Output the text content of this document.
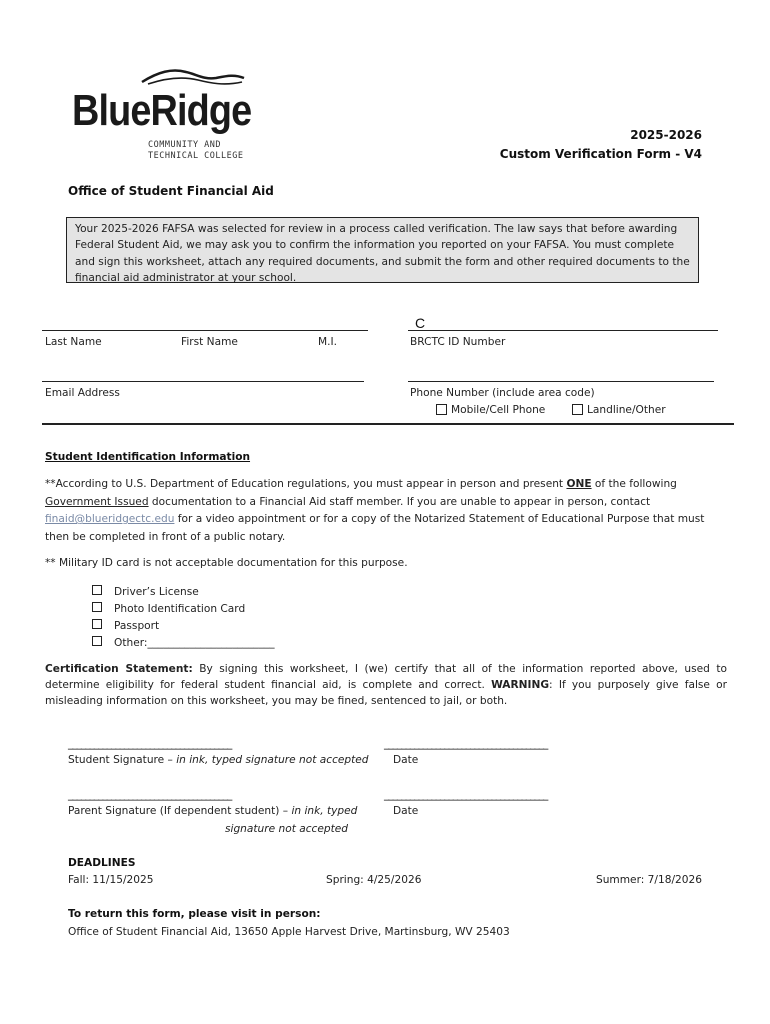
BlueRidge
COMMUNITY AND
TECHNICAL COLLEGE
2025-2026
Custom Verification Form - V4
Office of Student Financial Aid
Your 2025-2026 FAFSA was selected for review in a process called verification. The law says that before awarding Federal Student Aid, we may ask you to confirm the information you reported on your FAFSA. You must complete and sign this worksheet, attach any required documents, and submit the form and other required documents to the financial aid administrator at your school.
Last Name	First Name	M.I.
C
BRCTC ID Number
Email Address	Phone Number (include area code)
Mobile/Cell Phone	Landline/Other
Student Identification Information
**According to U.S. Department of Education regulations, you must appear in person and present ONE of the following Government Issued documentation to a Financial Aid staff member. If you are unable to appear in person, contact finaid@blueridgectc.edu for a video appointment or for a copy of the Notarized Statement of Educational Purpose that must then be completed in front of a public notary.
** Military ID card is not acceptable documentation for this purpose.
Driver’s License
Photo Identification Card
Passport
Other:________________________
Certification Statement: By signing this worksheet, I (we) certify that all of the information reported above, used to determine eligibility for federal student financial aid, is complete and correct. WARNING: If you purposely give false or misleading information on this worksheet, you may be fined, sentenced to jail, or both.
______________________________________
Student Signature – in ink, typed signature not accepted
______________________________________
Date
______________________________________
Parent Signature (If dependent student) – in ink, typed
signature not accepted
______________________________________
Date
DEADLINES
Fall: 11/15/2025	Spring: 4/25/2026	Summer: 7/18/2026
To return this form, please visit in person:
Office of Student Financial Aid, 13650 Apple Harvest Drive, Martinsburg, WV 25403
